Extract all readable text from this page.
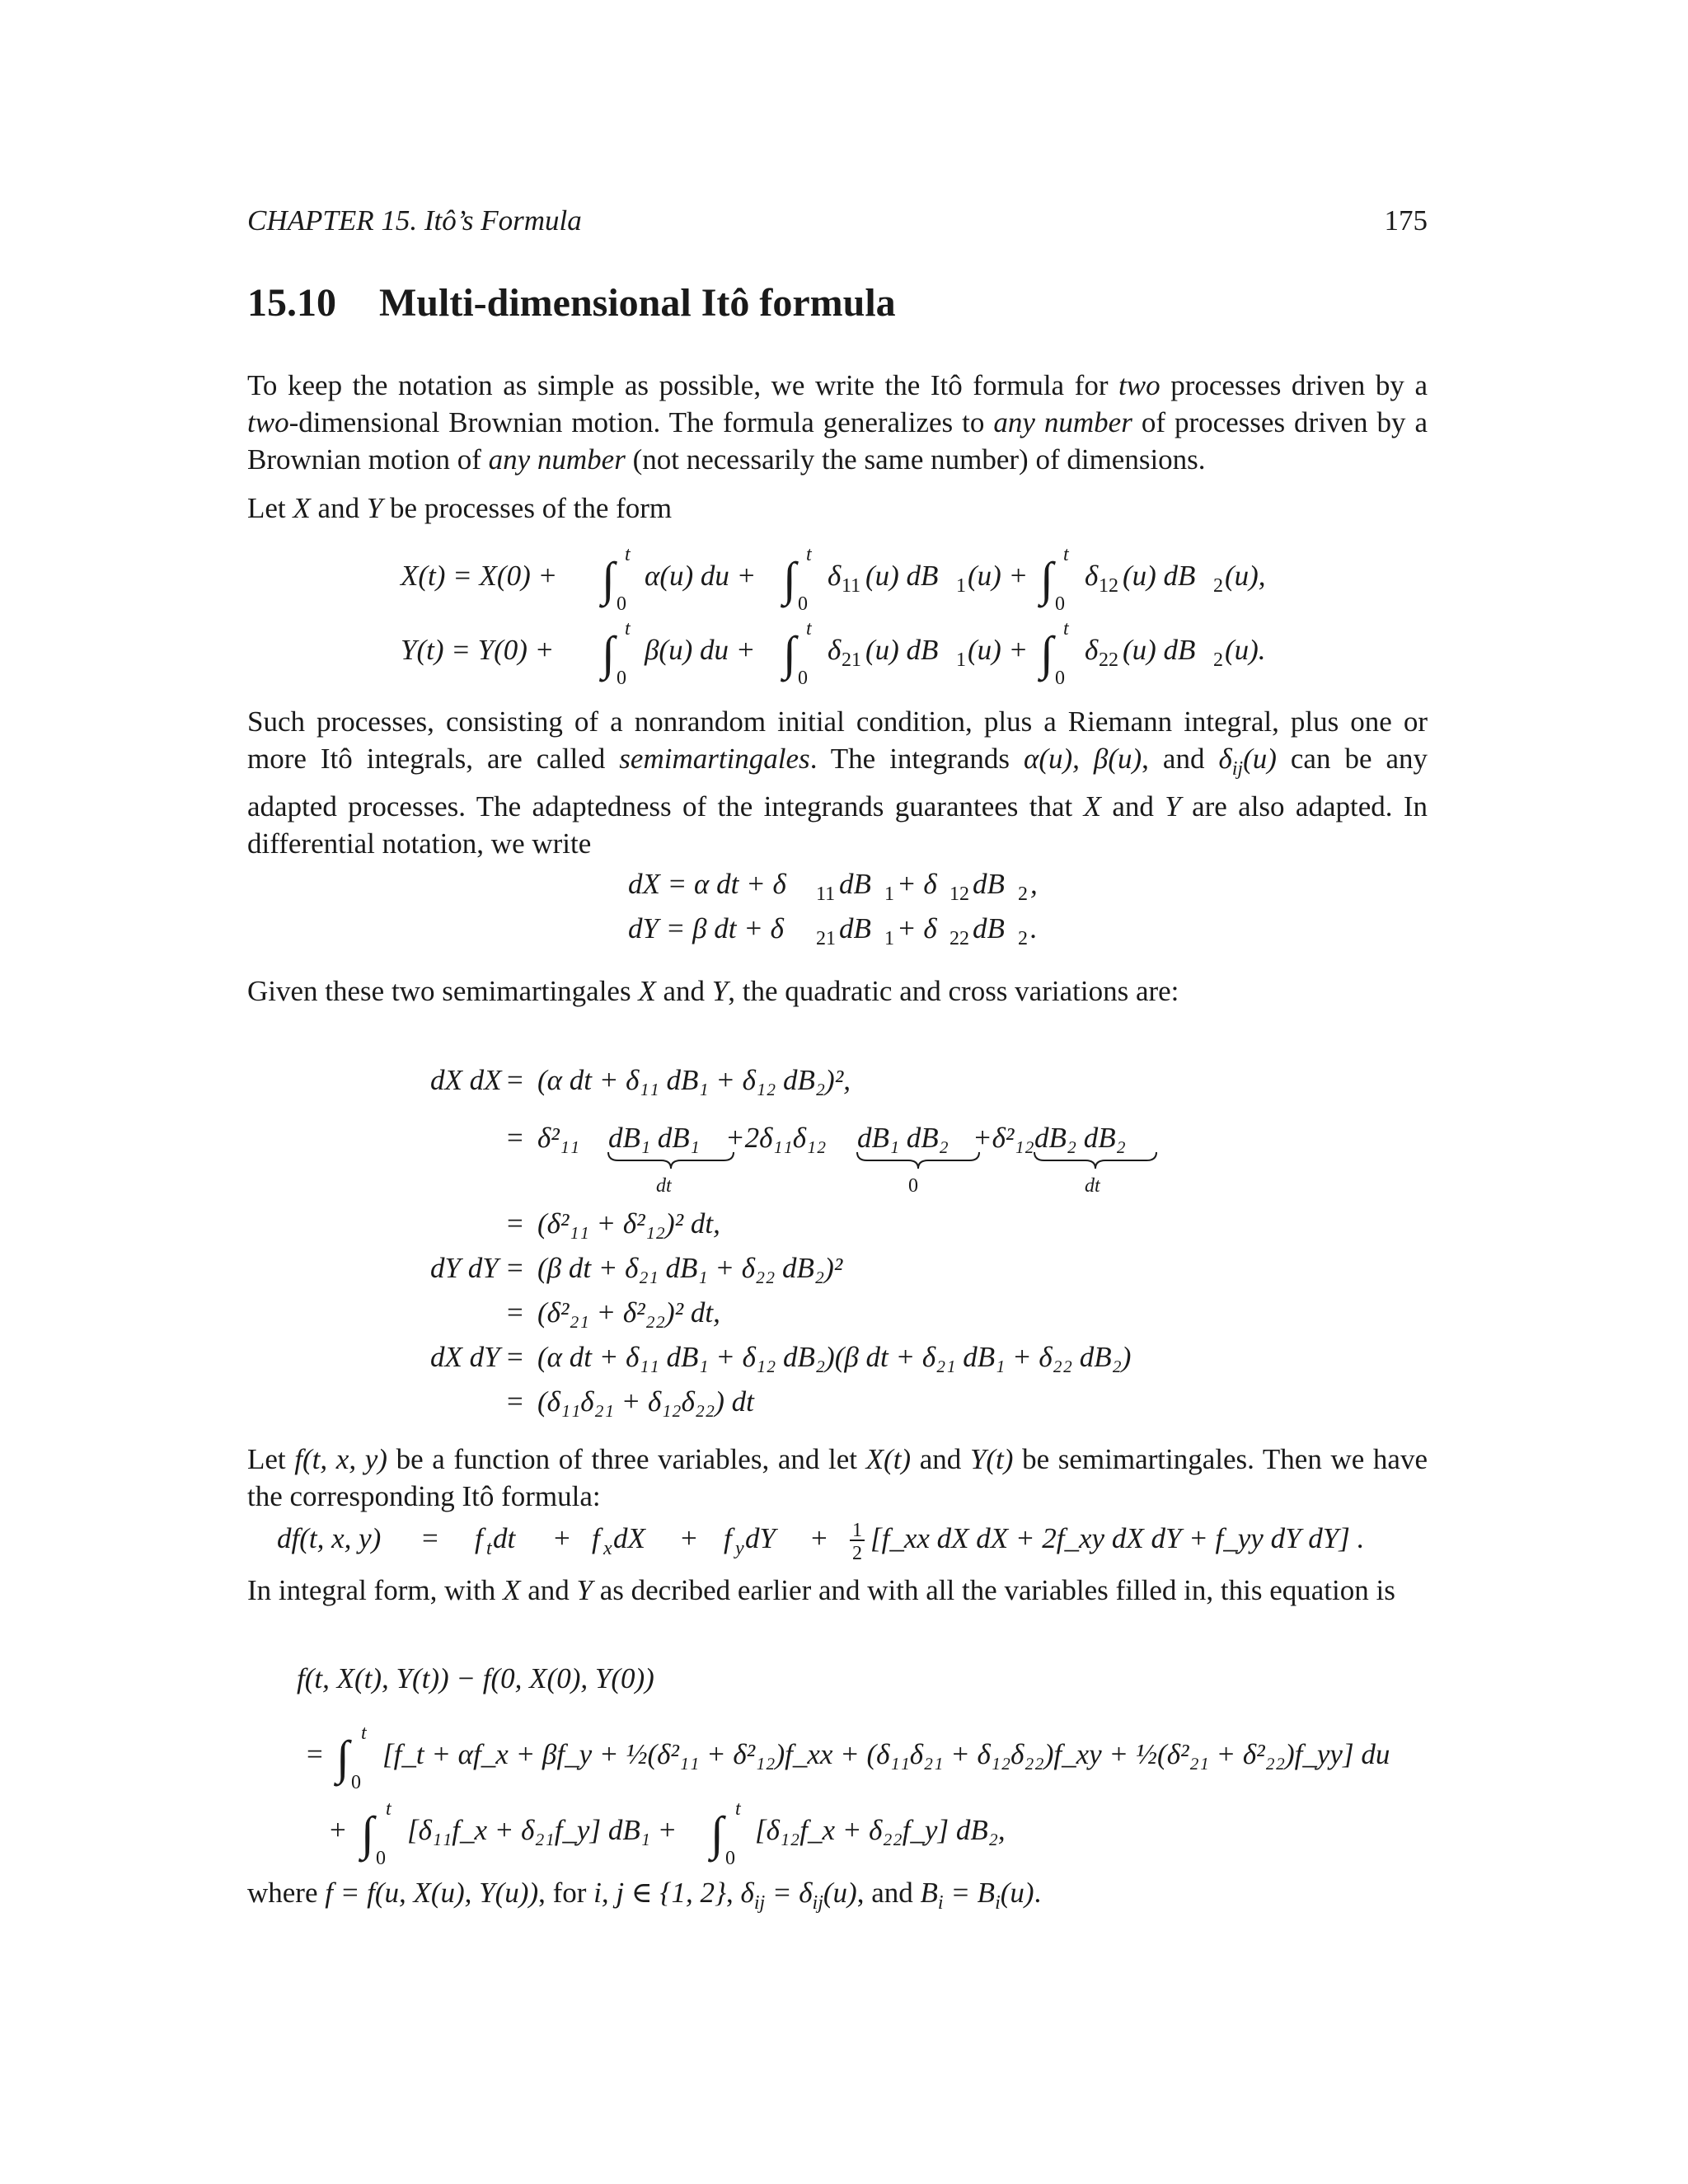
CHAPTER 15. Itô’s Formula	175
15.10 Multi-dimensional Itô formula

To keep the notation as simple as possible, we write the Itô formula for two processes driven by a two-dimensional Brownian motion. The formula generalizes to any number of processes driven by a Brownian motion of any number (not necessarily the same number) of dimensions.

Let X and Y be processes of the form

X(t) = X(0) + ∫ t
0
α(u) du + ∫ t
0
δ 11 (u) dB 1 (u) + ∫ t
0
δ 12 (u) dB 2 (u),
Y(t) = Y(0) + ∫ t
0
β(u) du + ∫ t
0
δ 21 (u) dB 1 (u) + ∫ t
0
δ 22 (u) dB 2 (u).

Such processes, consisting of a nonrandom initial condition, plus a Riemann integral, plus one or more Itô integrals, are called semimartingales. The integrands α(u), β(u), and $\delta_{ij}(u)$ can be any adapted processes. The adaptedness of the integrands guarantees that X and Y are also adapted. In differential notation, we write

dX = α dt + δ 11 dB 1 + δ 12 dB 2 ,
dY = β dt + δ 21 dB 1 + δ 22 dB 2 .

Given these two semimartingales X and Y, the quadratic and cross variations are:

dX dX = (α dt + δ₁₁ dB₁ + δ₁₂ dB₂)²,
= δ²₁₁ dB₁ dB₁ +2δ₁₁δ₁₂ dB₁ dB₂ +δ²₁₂ dB₂ dB₂
dt	0	dt
= (δ²₁₁ + δ²₁₂)² dt,
dY dY = (β dt + δ₂₁ dB₁ + δ₂₂ dB₂)²
= (δ²₂₁ + δ²₂₂)² dt,
dX dY = (α dt + δ₁₁ dB₁ + δ₁₂ dB₂)(β dt + δ₂₁ dB₁ + δ₂₂ dB₂)
= (δ₁₁δ₂₁ + δ₁₂δ₂₂) dt

Let f(t, x, y) be a function of three variables, and let X(t) and Y(t) be semimartingales. Then we have the corresponding Itô formula:

df(t, x, y) = f t dt + f x dX + f y dY + 1
2 [f_xx dX dX + 2f_xy dX dY + f_yy dY dY] .

In integral form, with X and Y as decribed earlier and with all the variables filled in, this equation is

f(t, X(t), Y(t)) − f(0, X(0), Y(0))
= ∫ t
0
[f_t + αf_x + βf_y + ½(δ²₁₁ + δ²₁₂)f_xx + (δ₁₁δ₂₁ + δ₁₂δ₂₂)f_xy + ½(δ²₂₁ + δ²₂₂)f_yy] du
+ ∫ t
0
[δ₁₁f_x + δ₂₁f_y] dB₁ + ∫ t
0
[δ₁₂f_x + δ₂₂f_y] dB₂,

where f = f(u, X(u), Y(u)), for i, j ∈ {1, 2}, $\delta_{ij} = \delta_{ij}(u)$, and $B_i = B_i(u)$.
